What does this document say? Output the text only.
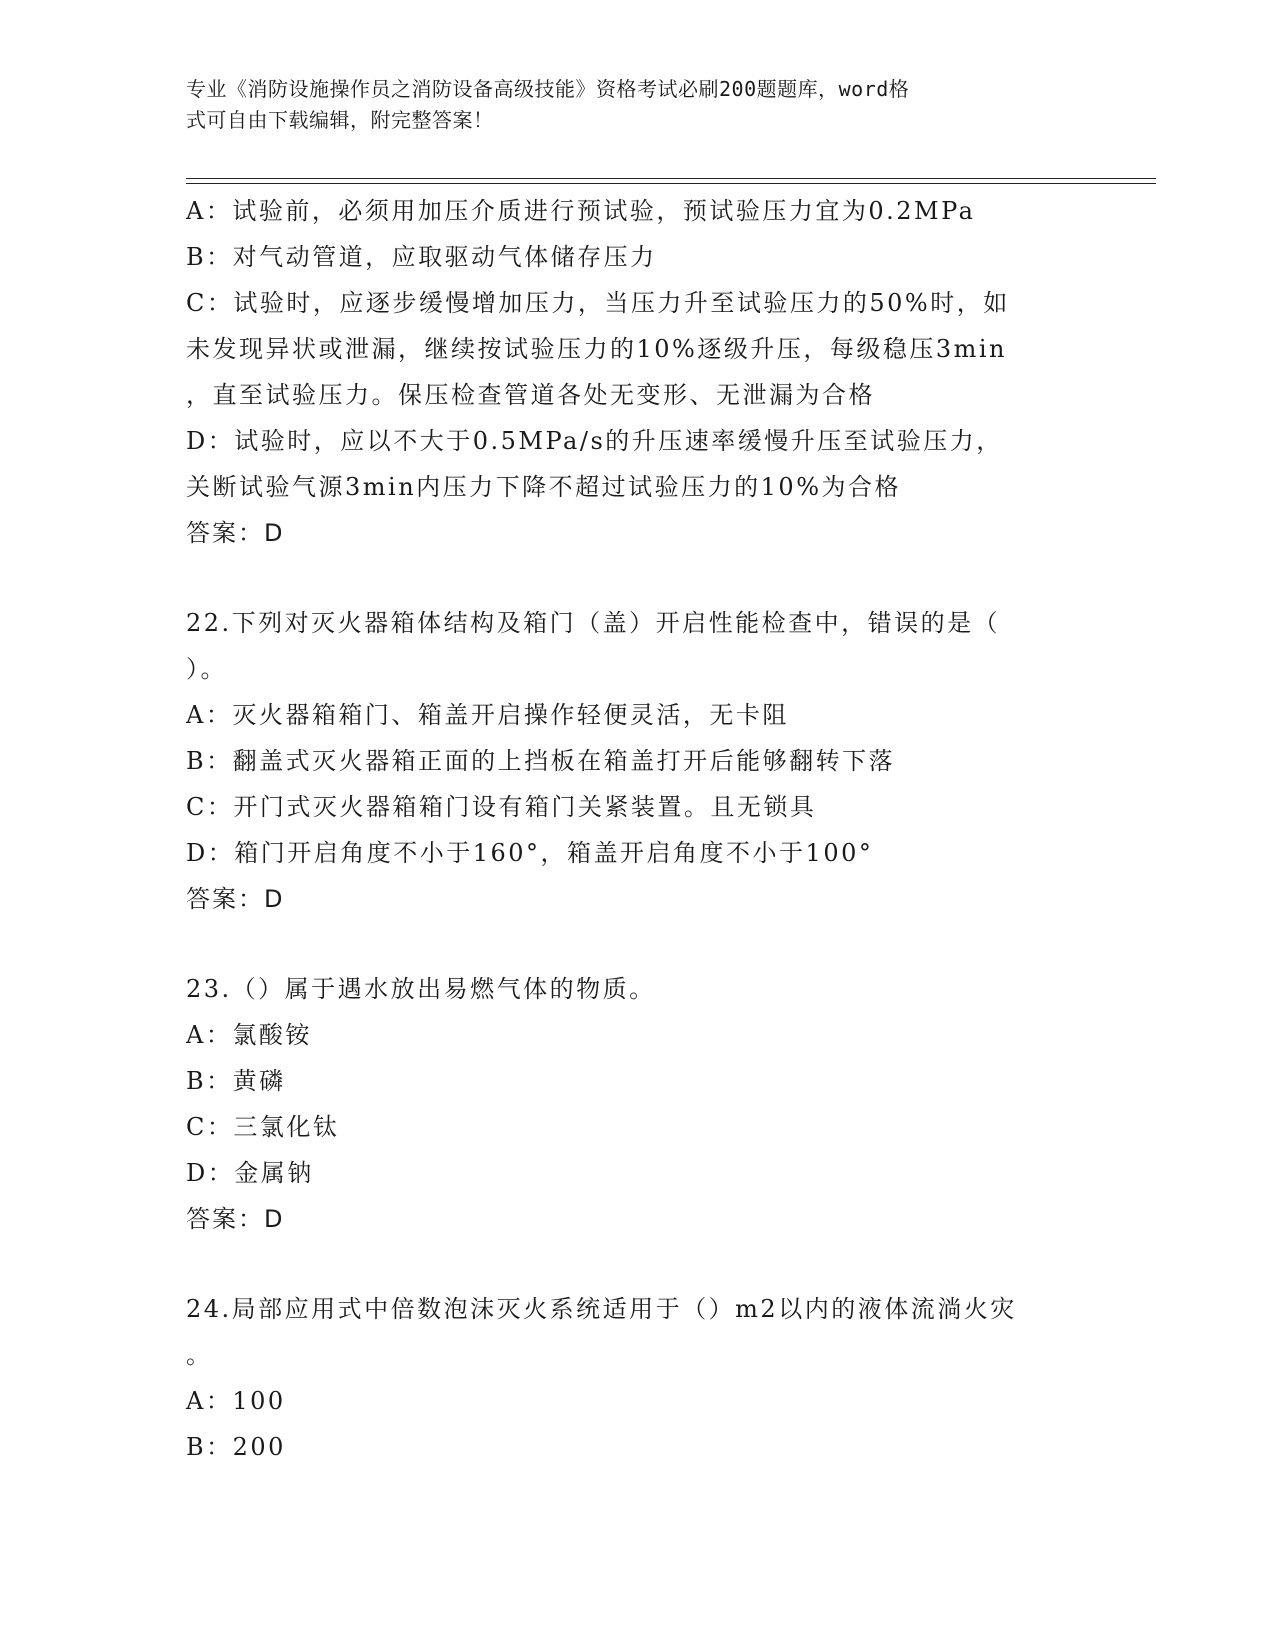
专业《消防设施操作员之消防设备高级技能》资格考试必刷200题题库，word格
式可自由下载编辑，附完整答案！
A：试验前，必须用加压介质进行预试验，预试验压力宜为0.2MPa
B：对气动管道，应取驱动气体储存压力
C：试验时，应逐步缓慢增加压力，当压力升至试验压力的50%时，如
未发现异状或泄漏，继续按试验压力的10%逐级升压，每级稳压3min
，直至试验压力。保压检查管道各处无变形、无泄漏为合格
D：试验时，应以不大于0.5MPa/s的升压速率缓慢升压至试验压力，
关断试验气源3min内压力下降不超过试验压力的10%为合格
答案：D
22.下列对灭火器箱体结构及箱门（盖）开启性能检查中，错误的是（
）。
A：灭火器箱箱门、箱盖开启操作轻便灵活，无卡阻
B：翻盖式灭火器箱正面的上挡板在箱盖打开后能够翻转下落
C：开门式灭火器箱箱门设有箱门关紧装置。且无锁具
D：箱门开启角度不小于160°，箱盖开启角度不小于100°
答案：D
23.（）属于遇水放出易燃气体的物质。
A：氯酸铵
B：黄磷
C：三氯化钛
D：金属钠
答案：D
24.局部应用式中倍数泡沫灭火系统适用于（）m2以内的液体流淌火灾
。
A：100
B：200
